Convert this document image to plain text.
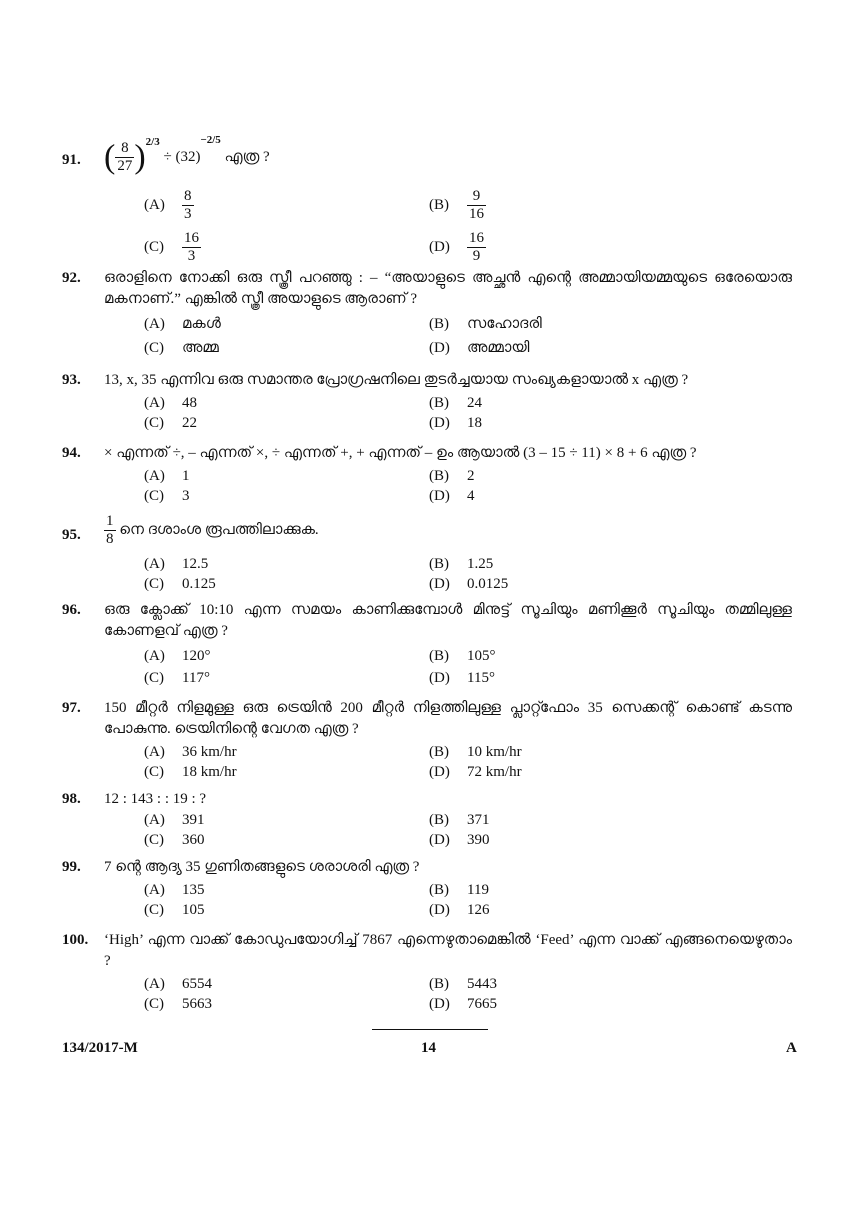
91. ( $\frac{8}{27} )^{2/3} \div (32)^{-2/5}$ എത്ര ?
$(A) \frac{8}{3}$	$(B) \frac{9}{16}$
$(C) \frac{16}{3}$	$(D) \frac{16}{9}$
92. ഒരാളിനെ നോക്കി ഒരു സ്ത്രീ പറഞ്ഞു : – “അയാളുടെ അച്ഛൻ എന്റെ അമ്മായിയമ്മയുടെ ഒരേയൊരു മകനാണ്.” എങ്കിൽ സ്ത്രീ അയാളുടെ ആരാണ് ?
(A) മകൾ	(B) സഹോദരി
(C) അമ്മ	(D) അമ്മായി
93. 13, x, 35 എന്നിവ ഒരു സമാന്തര പ്രോഗ്രഷനിലെ തുടർച്ചയായ സംഖ്യകളായാൽ x എത്ര ?
(A) 48	(B) 24
(C) 22	(D) 18
94. × എന്നത് ÷, – എന്നത് ×, ÷ എന്നത് +, + എന്നത് – ഉം ആയാൽ (3 – 15 ÷ 11) × 8 + 6 എത്ര ?
(A) 1	(B) 2
(C) 3	(D) 4
95. $\frac{1}{8}$ നെ ദശാംശ രൂപത്തിലാക്കുക.
(A) 12.5	(B) 1.25
(C) 0.125	(D) 0.0125
96. ഒരു ക്ലോക്ക് 10:10 എന്ന സമയം കാണിക്കുമ്പോൾ മിനുട്ട് സൂചിയും മണിക്കൂർ സൂചിയും തമ്മിലുള്ള കോണളവ് എത്ര ?
(A) 120°	(B) 105°
(C) 117°	(D) 115°
97. 150 മീറ്റർ നിളമുള്ള ഒരു ട്രെയിൻ 200 മീറ്റർ നിളത്തിലുള്ള പ്ലാറ്റ്ഫോം 35 സെക്കന്റ് കൊണ്ട് കടന്നു പോകുന്നു. ട്രെയിനിന്റെ വേഗത എത്ര ?
(A) 36 km/hr	(B) 10 km/hr
(C) 18 km/hr	(D) 72 km/hr
98. 12 : 143 : : 19 : ?
(A) 391	(B) 371
(C) 360	(D) 390
99. 7 ന്റെ ആദ്യ 35 ഗുണിതങ്ങളുടെ ശരാശരി എത്ര ?
(A) 135	(B) 119
(C) 105	(D) 126
100. ‘High’ എന്ന വാക്ക് കോഡുപയോഗിച്ച് 7867 എന്നെഴുതാമെങ്കിൽ ‘Feed’ എന്ന വാക്ക് എങ്ങനെയെഴുതാം ?
(A) 6554	(B) 5443
(C) 5663	(D) 7665
134/2017-M	14	A
